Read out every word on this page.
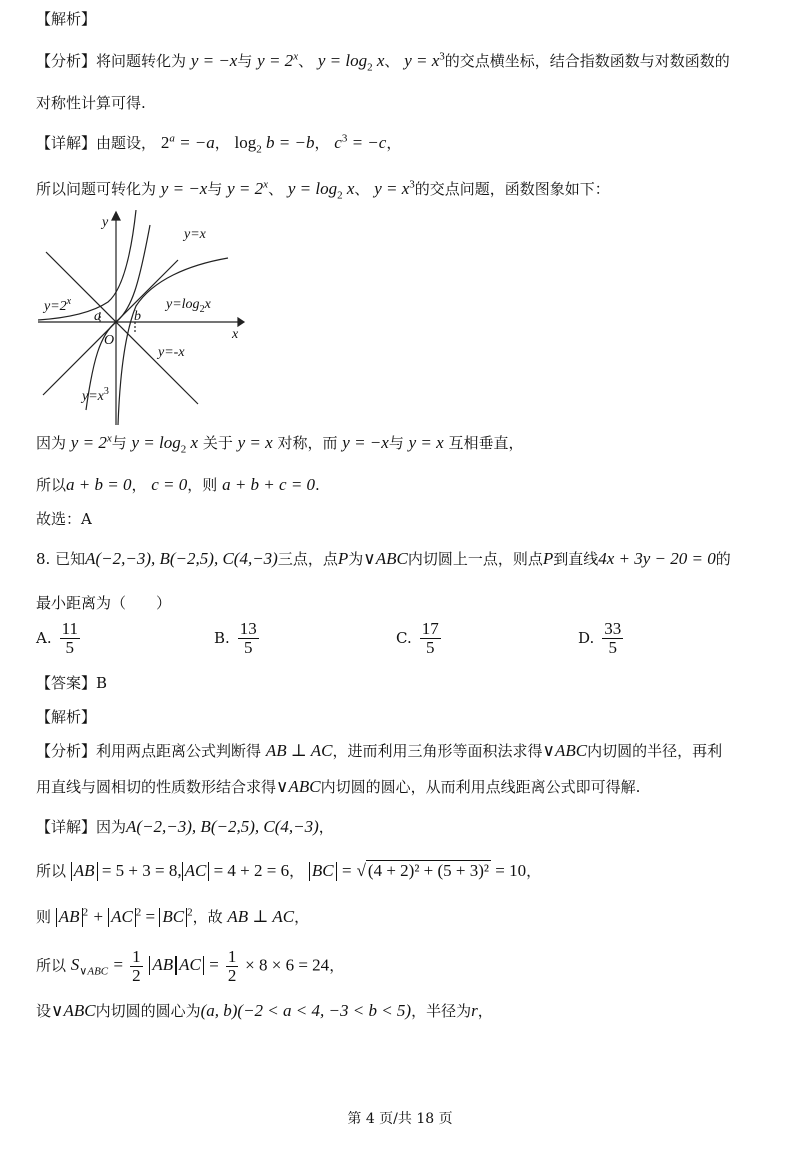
【解析】
【分析】将问题转化为 y = −x与 $y = 2^x$、 $y = \log_2 x$、 $y = x^3$的交点横坐标，结合指数函数与对数函数的
对称性计算可得.
【详解】由题设， $2^a = -a$， $\log_2 b = -b$， $c^3 = -c$，
所以问题可转化为 y = −x与 $y = 2^x$、 $y = \log_2 x$、 $y = x^3$的交点问题，函数图象如下：
y
x
O
a b
y=x
$y=2^x$	$y=\log_2x$
y=-x
$y=x^3$
因为 $y = 2^x$与 $y = \log_2 x$ 关于 y = x 对称，而 y = −x与 y = x 互相垂直，
所以a + b = 0， c = 0，则 a + b + c = 0.
故选：A
8. 已知A(−2,−3), B(−2,5), C(4,−3)三点，点P为∨ABC内切圆上一点，则点P到直线4x + 3y − 20 = 0的
最小距离为（　　）
A. $\frac{11}{5}$	B. $\frac{13}{5}$	C. $\frac{17}{5}$	D. $\frac{33}{5}$
【答案】B
【解析】
【分析】利用两点距离公式判断得 AB ⊥ AC，进而利用三角形等面积法求得∨ABC内切圆的半径，再利
用直线与圆相切的性质数形结合求得∨ABC内切圆的圆心，从而利用点线距离公式即可得解.
【详解】因为A(−2,−3), B(−2,5), C(4,−3)，
所以 AB = 5 + 3 = 8, AC = 4 + 2 = 6， BC = √ (4 + 2)² + (5 + 3)² = 10，
则 AB $^2$ + AC $^2$ = BC $^2$，故 AB ⊥ AC，
所以 $S_{\vee ABC} = \frac{1}{2}$ AB AC = $\frac{1}{2} \times 8 \times 6 = 24$，
设∨ABC内切圆的圆心为(a, b)(−2 < a < 4, −3 < b < 5)，半径为r，
第 4 页/共 18 页
